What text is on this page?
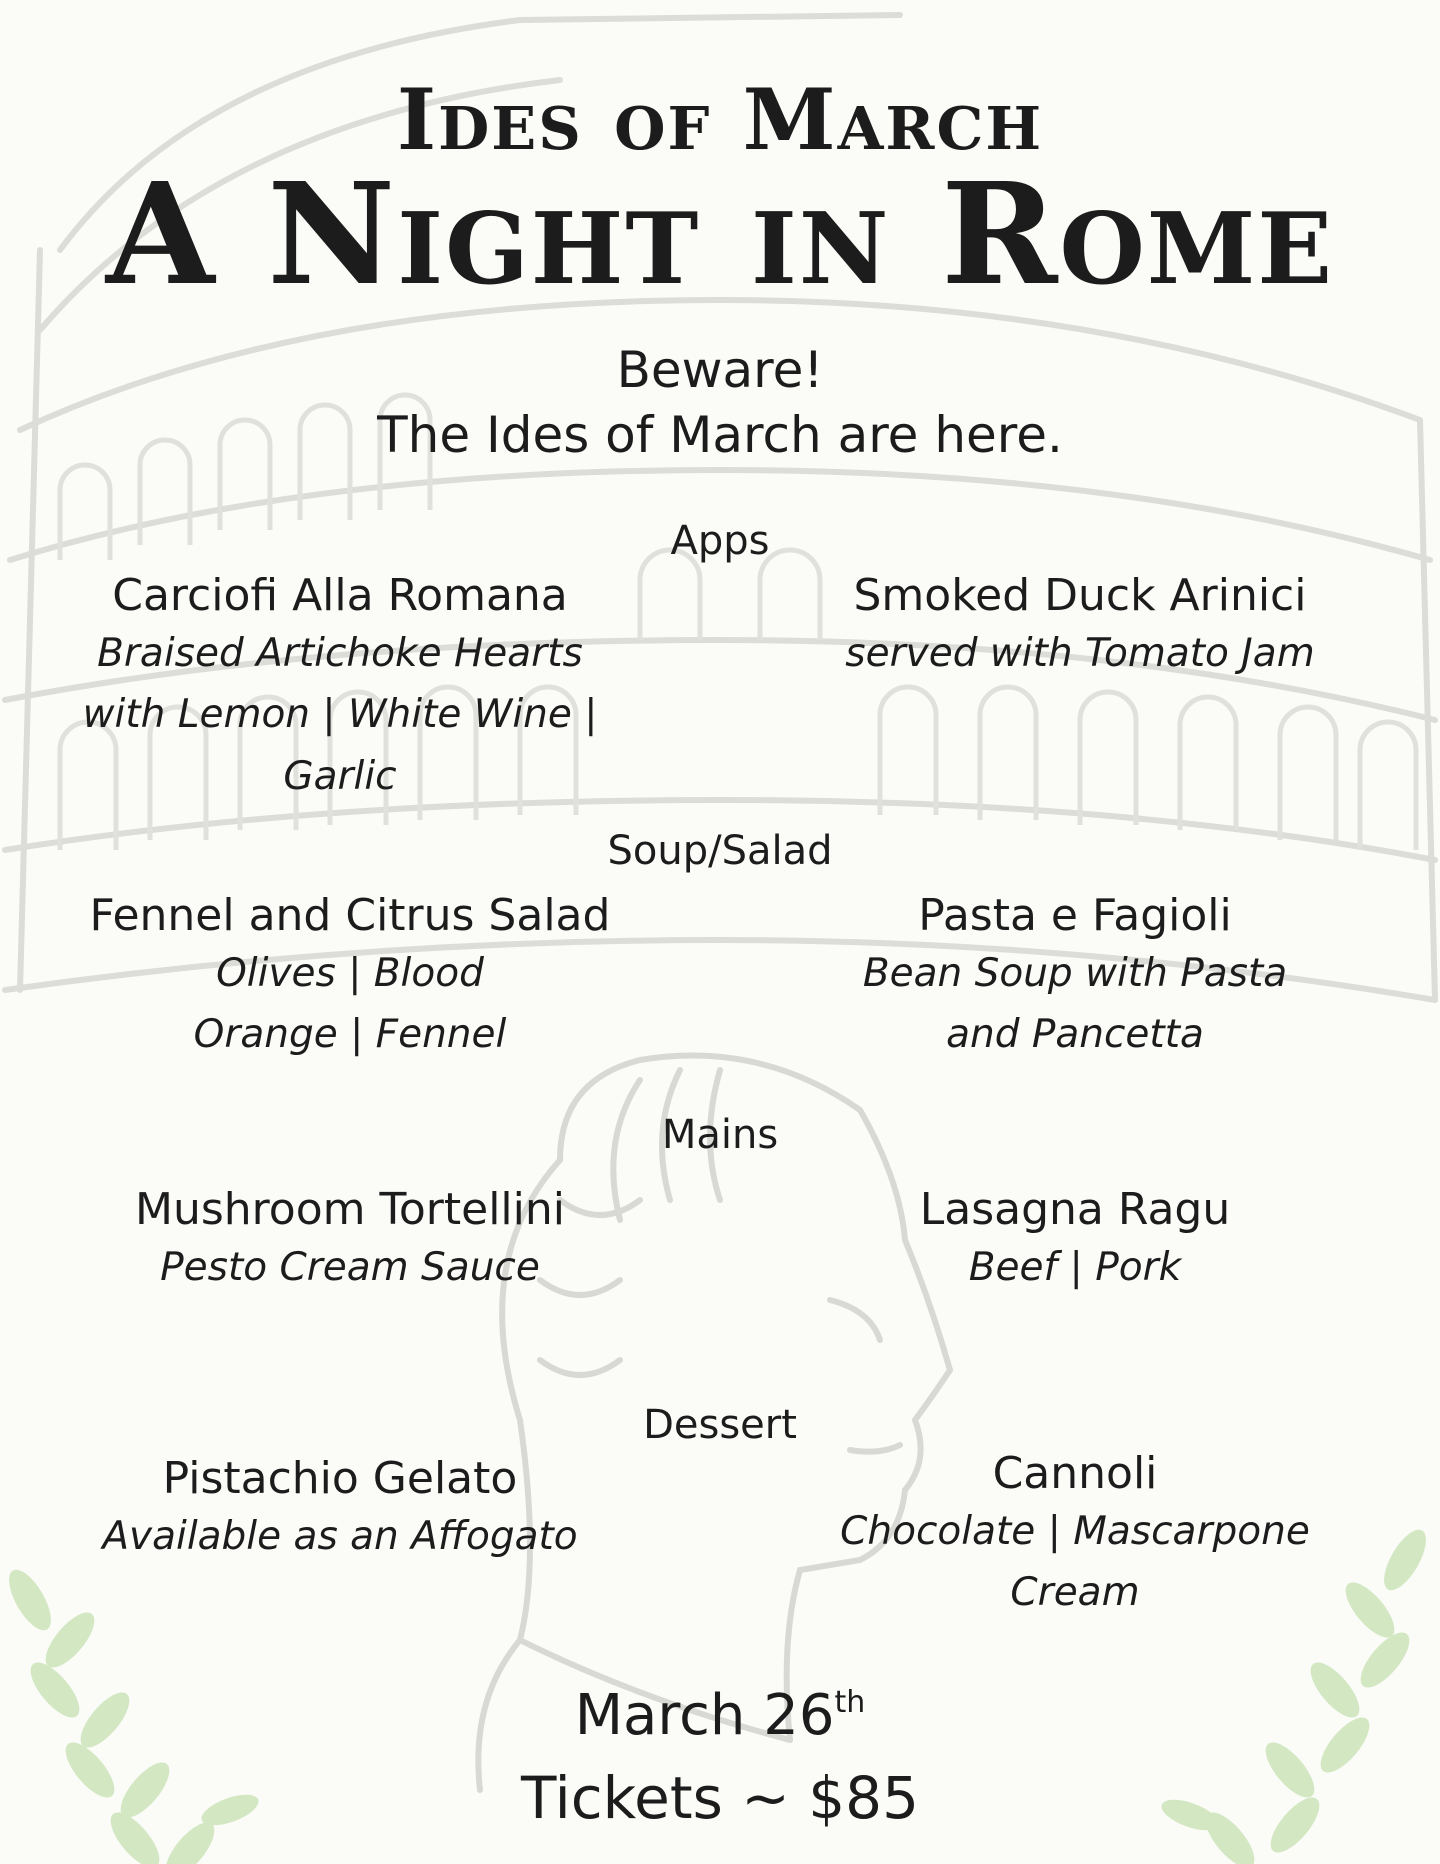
Ides of March
A Night in Rome
Beware!
The Ides of March are here.
Apps
Carciofi Alla Romana
Braised Artichoke Hearts with Lemon | White Wine | Garlic
Smoked Duck Arinici
served with Tomato Jam
Soup/Salad
Fennel and Citrus Salad
Olives | Blood Orange | Fennel
Pasta e Fagioli
Bean Soup with Pasta and Pancetta
Mains
Mushroom Tortellini
Pesto Cream Sauce
Lasagna Ragu
Beef | Pork
Dessert
Pistachio Gelato
Available as an Affogato
Cannoli
Chocolate | Mascarpone Cream
March 26th
Tickets ~ $85
